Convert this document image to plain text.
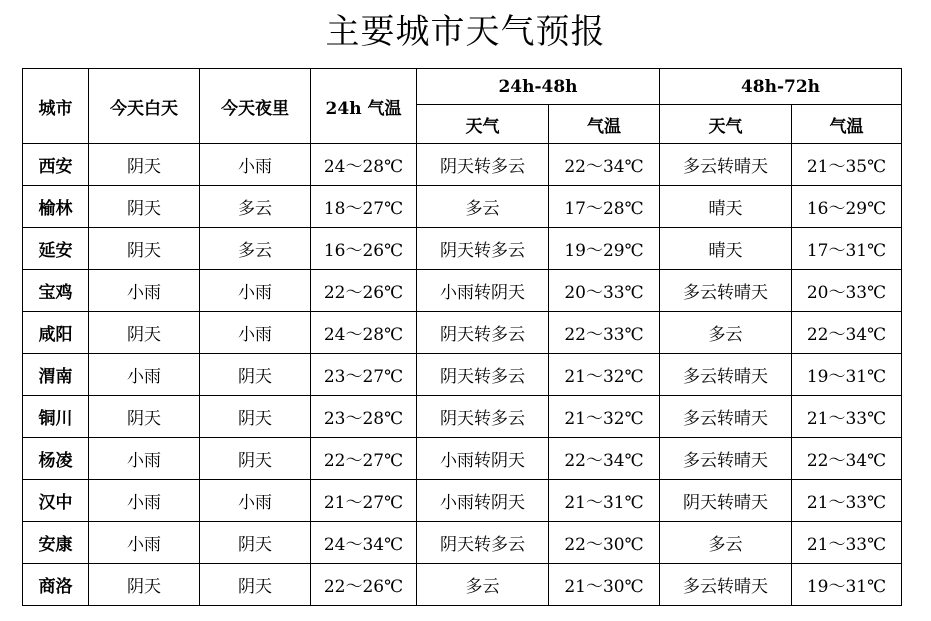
主要城市天气预报
城市	今天白天	今天夜里	24h 气温	24h-48h		48h-72h	
				天气	气温	天气	气温
西安	阴天	小雨	24～28℃	阴天转多云	22～34℃	多云转晴天	21～35℃
榆林	阴天	多云	18～27℃	多云	17～28℃	晴天	16～29℃
延安	阴天	多云	16～26℃	阴天转多云	19～29℃	晴天	17～31℃
宝鸡	小雨	小雨	22～26℃	小雨转阴天	20～33℃	多云转晴天	20～33℃
咸阳	阴天	小雨	24～28℃	阴天转多云	22～33℃	多云	22～34℃
渭南	小雨	阴天	23～27℃	阴天转多云	21～32℃	多云转晴天	19～31℃
铜川	阴天	阴天	23～28℃	阴天转多云	21～32℃	多云转晴天	21～33℃
杨凌	小雨	阴天	22～27℃	小雨转阴天	22～34℃	多云转晴天	22～34℃
汉中	小雨	小雨	21～27℃	小雨转阴天	21～31℃	阴天转晴天	21～33℃
安康	小雨	阴天	24～34℃	阴天转多云	22～30℃	多云	21～33℃
商洛	阴天	阴天	22～26℃	多云	21～30℃	多云转晴天	19～31℃
